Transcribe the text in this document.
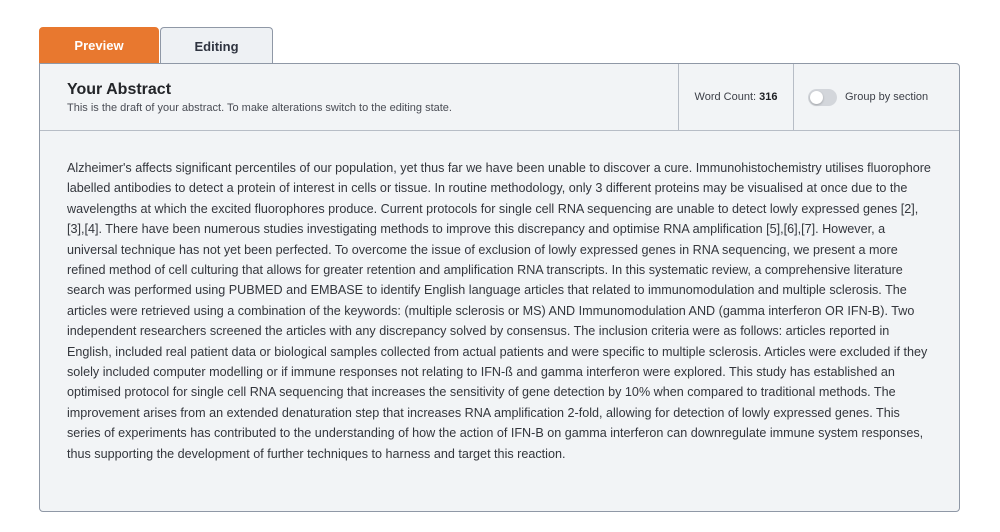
Preview	Editing
Your Abstract
This is the draft of your abstract. To make alterations switch to the editing state.
Word Count: 316	Group by section
Alzheimer's affects significant percentiles of our population, yet thus far we have been unable to discover a cure. Immunohistochemistry utilises fluorophore labelled antibodies to detect a protein of interest in cells or tissue. In routine methodology, only 3 different proteins may be visualised at once due to the wavelengths at which the excited fluorophores produce. Current protocols for single cell RNA sequencing are unable to detect lowly expressed genes [2],[3],[4]. There have been numerous studies investigating methods to improve this discrepancy and optimise RNA amplification [5],[6],[7]. However, a universal technique has not yet been perfected. To overcome the issue of exclusion of lowly expressed genes in RNA sequencing, we present a more refined method of cell culturing that allows for greater retention and amplification RNA transcripts. In this systematic review, a comprehensive literature search was performed using PUBMED and EMBASE to identify English language articles that related to immunomodulation and multiple sclerosis. The articles were retrieved using a combination of the keywords: (multiple sclerosis or MS) AND Immunomodulation AND (gamma interferon OR IFN-B). Two independent researchers screened the articles with any discrepancy solved by consensus. The inclusion criteria were as follows: articles reported in English, included real patient data or biological samples collected from actual patients and were specific to multiple sclerosis. Articles were excluded if they solely included computer modelling or if immune responses not relating to IFN-ß and gamma interferon were explored. This study has established an optimised protocol for single cell RNA sequencing that increases the sensitivity of gene detection by 10% when compared to traditional methods. The improvement arises from an extended denaturation step that increases RNA amplification 2-fold, allowing for detection of lowly expressed genes. This series of experiments has contributed to the understanding of how the action of IFN-B on gamma interferon can downregulate immune system responses, thus supporting the development of further techniques to harness and target this reaction.
